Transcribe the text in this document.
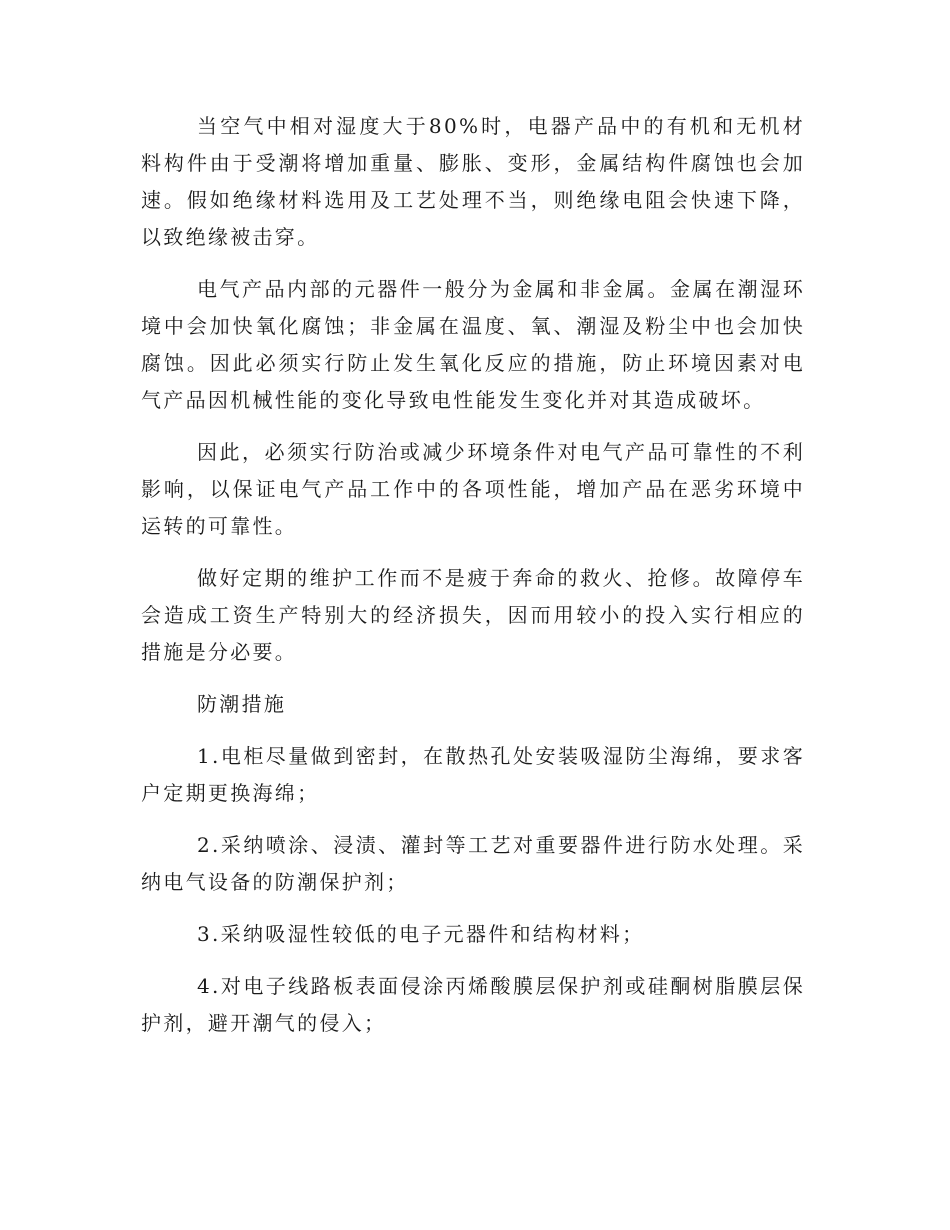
当空气中相对湿度大于80%时，电器产品中的有机和无机材料构件由于受潮将增加重量、膨胀、变形，金属结构件腐蚀也会加速。假如绝缘材料选用及工艺处理不当，则绝缘电阻会快速下降，以致绝缘被击穿。

电气产品内部的元器件一般分为金属和非金属。金属在潮湿环境中会加快氧化腐蚀；非金属在温度、氧、潮湿及粉尘中也会加快腐蚀。因此必须实行防止发生氧化反应的措施，防止环境因素对电气产品因机械性能的变化导致电性能发生变化并对其造成破坏。

因此，必须实行防治或减少环境条件对电气产品可靠性的不利影响，以保证电气产品工作中的各项性能，增加产品在恶劣环境中运转的可靠性。

做好定期的维护工作而不是疲于奔命的救火、抢修。故障停车会造成工资生产特别大的经济损失，因而用较小的投入实行相应的措施是分必要。

防潮措施

1.电柜尽量做到密封，在散热孔处安装吸湿防尘海绵，要求客户定期更换海绵；

2.采纳喷涂、浸渍、灌封等工艺对重要器件进行防水处理。采纳电气设备的防潮保护剂；

3.采纳吸湿性较低的电子元器件和结构材料；

4.对电子线路板表面侵涂丙烯酸膜层保护剂或硅酮树脂膜层保护剂，避开潮气的侵入；
